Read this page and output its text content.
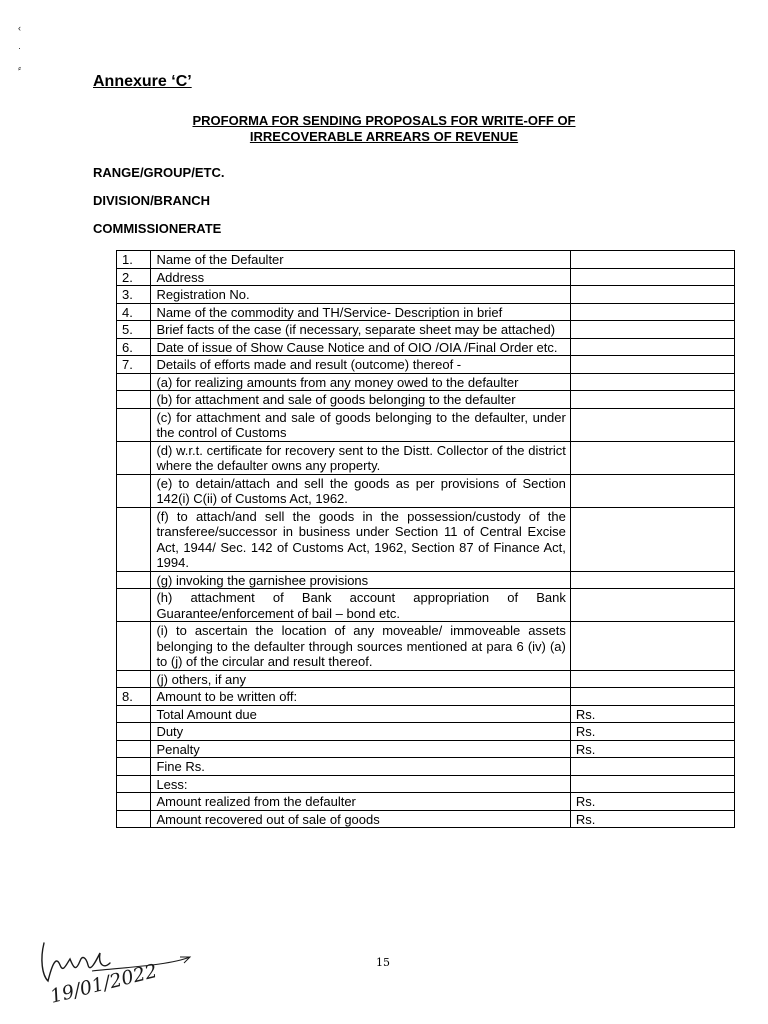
‹
·
⸗
Annexure ‘C’
PROFORMA FOR SENDING PROPOSALS FOR WRITE-OFF OF
IRRECOVERABLE ARREARS OF REVENUE
RANGE/GROUP/ETC.
DIVISION/BRANCH
COMMISSIONERATE
1.	Name of the Defaulter	
2.	Address	
3.	Registration No.	
4.	Name of the commodity and TH/Service- Description in brief	
5.	Brief facts of the case (if necessary, separate sheet may be attached)	
6.	Date of issue of Show Cause Notice and of OIO /OIA /Final Order etc.	
7.	Details of efforts made and result (outcome) thereof -	
	(a) for realizing amounts from any money owed to the defaulter	
	(b) for attachment and sale of goods belonging to the defaulter	
	(c) for attachment and sale of goods belonging to the defaulter, under the control of Customs	
	(d) w.r.t. certificate for recovery sent to the Distt. Collector of the district where the defaulter owns any property.	
	(e) to detain/attach and sell the goods as per provisions of Section 142(i) C(ii) of Customs Act, 1962.	
	(f) to attach/and sell the goods in the possession/custody of the transferee/successor in business under Section 11 of Central Excise Act, 1944/ Sec. 142 of Customs Act, 1962, Section 87 of Finance Act, 1994.	
	(g) invoking the garnishee provisions	
	(h) attachment of Bank account appropriation of Bank Guarantee/enforcement of bail – bond etc.	
	(i) to ascertain the location of any moveable/ immoveable assets belonging to the defaulter through sources mentioned at para 6 (iv) (a) to (j) of the circular and result thereof.	
	(j) others, if any	
8.	Amount to be written off:	
	Total Amount due	Rs.
	Duty	Rs.
	Penalty	Rs.
	Fine Rs.	
	Less:	
	Amount realized from the defaulter	Rs.
	Amount recovered out of sale of goods	Rs.
15
19/01/2022
